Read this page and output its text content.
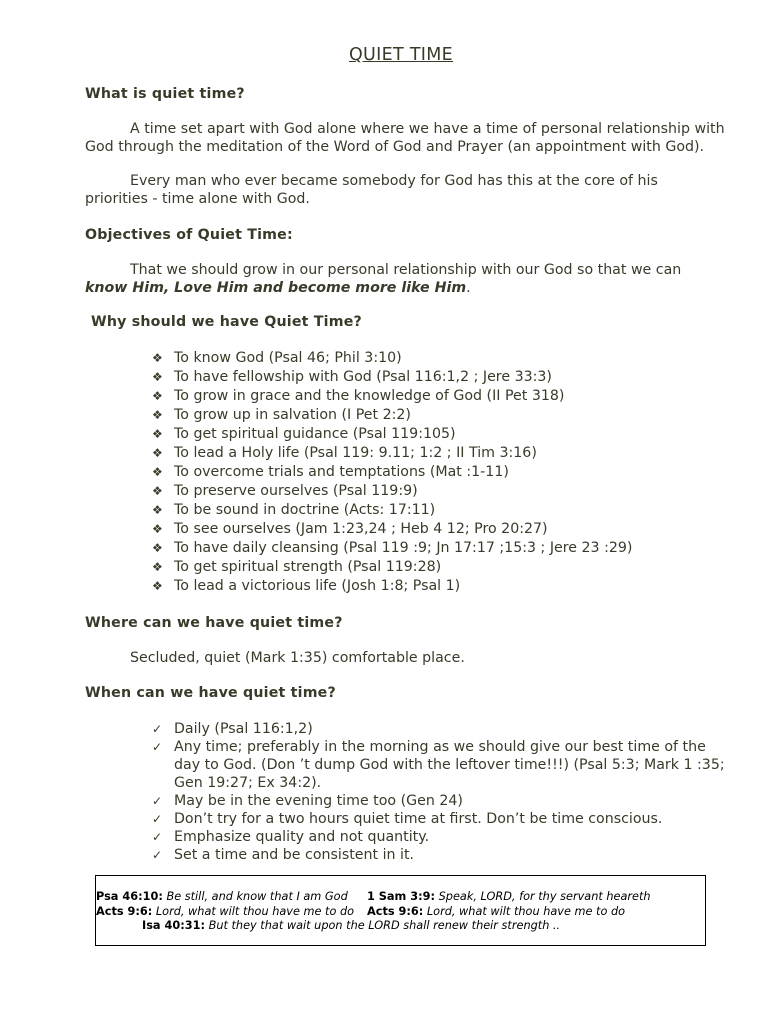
QUIET TIME
What is quiet time?
A time set apart with God alone where we have a time of personal relationship with God through the meditation of the Word of God and Prayer (an appointment with God).
Every man who ever became somebody for God has this at the core of his priorities - time alone with God.
Objectives of Quiet Time:
That we should grow in our personal relationship with our God so that we can know Him, Love Him and become more like Him.
Why should we have Quiet Time?
❖ To know God (Psal 46; Phil 3:10)
❖ To have fellowship with God (Psal 116:1,2 ; Jere 33:3)
❖ To grow in grace and the knowledge of God (II Pet 318)
❖ To grow up in salvation (I Pet 2:2)
❖ To get spiritual guidance (Psal 119:105)
❖ To lead a Holy life (Psal 119: 9.11; 1:2 ; II Tim 3:16)
❖ To overcome trials and temptations (Mat :1-11)
❖ To preserve ourselves (Psal 119:9)
❖ To be sound in doctrine (Acts: 17:11)
❖ To see ourselves (Jam 1:23,24 ; Heb 4 12; Pro 20:27)
❖ To have daily cleansing (Psal 119 :9; Jn 17:17 ;15:3 ; Jere 23 :29)
❖ To get spiritual strength (Psal 119:28)
❖ To lead a victorious life (Josh 1:8; Psal 1)
Where can we have quiet time?
Secluded, quiet (Mark 1:35) comfortable place.
When can we have quiet time?
✓ Daily (Psal 116:1,2)
✓ Any time; preferably in the morning as we should give our best time of the day to God. (Don ’t dump God with the leftover time!!!) (Psal 5:3; Mark 1 :35; Gen 19:27; Ex 34:2).
✓ May be in the evening time too (Gen 24)
✓ Don’t try for a two hours quiet time at first. Don’t be time conscious.
✓ Emphasize quality and not quantity.
✓ Set a time and be consistent in it.
Psa 46:10: Be still, and know that I am God 1 Sam 3:9: Speak, LORD, for thy servant heareth
Acts 9:6: Lord, what wilt thou have me to do Acts 9:6: Lord, what wilt thou have me to do
Isa 40:31: But they that wait upon the LORD shall renew their strength ..
